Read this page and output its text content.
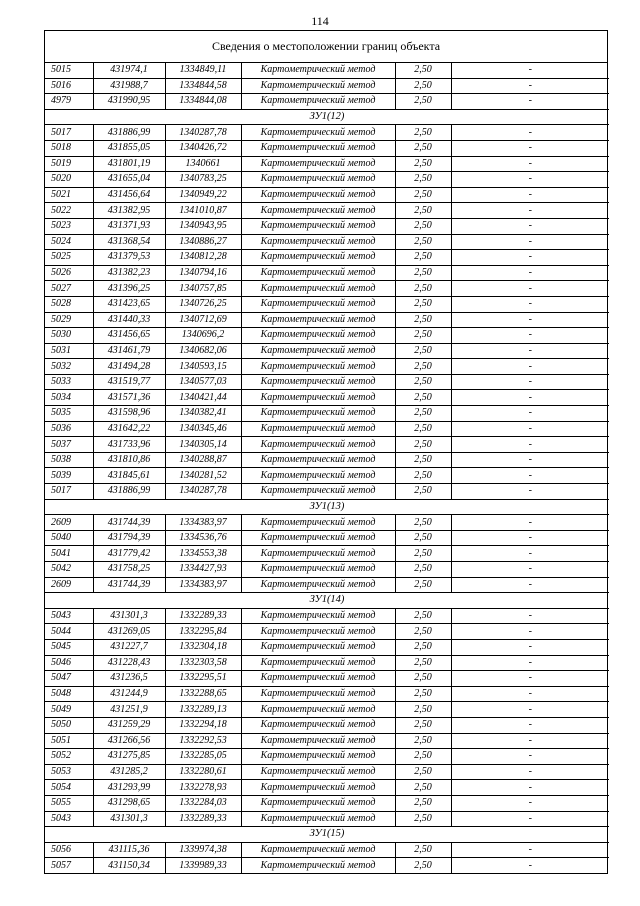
114
Сведения о местоположении границ объекта
5015	431974,1	1334849,11	Картометрический метод	2,50	-
5016	431988,7	1334844,58	Картометрический метод	2,50	-
4979	431990,95	1334844,08	Картометрический метод	2,50	-
ЗУ1(12)					
5017	431886,99	1340287,78	Картометрический метод	2,50	-
5018	431855,05	1340426,72	Картометрический метод	2,50	-
5019	431801,19	1340661	Картометрический метод	2,50	-
5020	431655,04	1340783,25	Картометрический метод	2,50	-
5021	431456,64	1340949,22	Картометрический метод	2,50	-
5022	431382,95	1341010,87	Картометрический метод	2,50	-
5023	431371,93	1340943,95	Картометрический метод	2,50	-
5024	431368,54	1340886,27	Картометрический метод	2,50	-
5025	431379,53	1340812,28	Картометрический метод	2,50	-
5026	431382,23	1340794,16	Картометрический метод	2,50	-
5027	431396,25	1340757,85	Картометрический метод	2,50	-
5028	431423,65	1340726,25	Картометрический метод	2,50	-
5029	431440,33	1340712,69	Картометрический метод	2,50	-
5030	431456,65	1340696,2	Картометрический метод	2,50	-
5031	431461,79	1340682,06	Картометрический метод	2,50	-
5032	431494,28	1340593,15	Картометрический метод	2,50	-
5033	431519,77	1340577,03	Картометрический метод	2,50	-
5034	431571,36	1340421,44	Картометрический метод	2,50	-
5035	431598,96	1340382,41	Картометрический метод	2,50	-
5036	431642,22	1340345,46	Картометрический метод	2,50	-
5037	431733,96	1340305,14	Картометрический метод	2,50	-
5038	431810,86	1340288,87	Картометрический метод	2,50	-
5039	431845,61	1340281,52	Картометрический метод	2,50	-
5017	431886,99	1340287,78	Картометрический метод	2,50	-
ЗУ1(13)					
2609	431744,39	1334383,97	Картометрический метод	2,50	-
5040	431794,39	1334536,76	Картометрический метод	2,50	-
5041	431779,42	1334553,38	Картометрический метод	2,50	-
5042	431758,25	1334427,93	Картометрический метод	2,50	-
2609	431744,39	1334383,97	Картометрический метод	2,50	-
ЗУ1(14)					
5043	431301,3	1332289,33	Картометрический метод	2,50	-
5044	431269,05	1332295,84	Картометрический метод	2,50	-
5045	431227,7	1332304,18	Картометрический метод	2,50	-
5046	431228,43	1332303,58	Картометрический метод	2,50	-
5047	431236,5	1332295,51	Картометрический метод	2,50	-
5048	431244,9	1332288,65	Картометрический метод	2,50	-
5049	431251,9	1332289,13	Картометрический метод	2,50	-
5050	431259,29	1332294,18	Картометрический метод	2,50	-
5051	431266,56	1332292,53	Картометрический метод	2,50	-
5052	431275,85	1332285,05	Картометрический метод	2,50	-
5053	431285,2	1332280,61	Картометрический метод	2,50	-
5054	431293,99	1332278,93	Картометрический метод	2,50	-
5055	431298,65	1332284,03	Картометрический метод	2,50	-
5043	431301,3	1332289,33	Картометрический метод	2,50	-
ЗУ1(15)					
5056	431115,36	1339974,38	Картометрический метод	2,50	-
5057	431150,34	1339989,33	Картометрический метод	2,50	-
